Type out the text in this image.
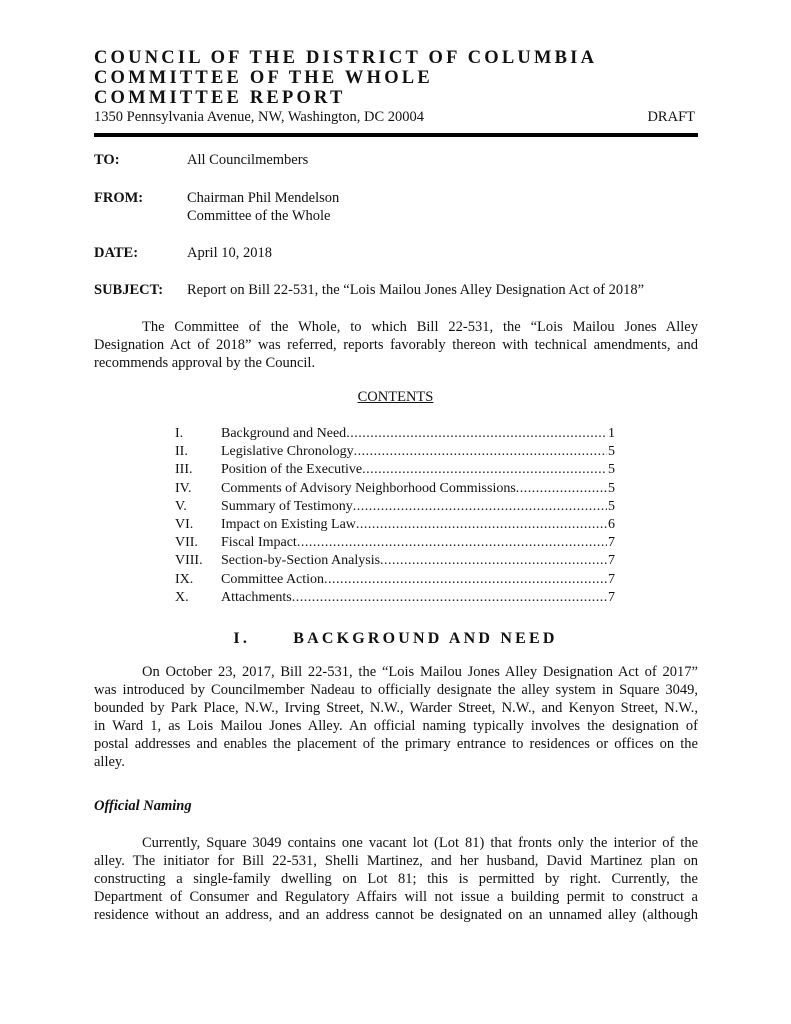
COUNCIL OF THE DISTRICT OF COLUMBIA
COMMITTEE OF THE WHOLE
COMMITTEE REPORT
1350 Pennsylvania Avenue, NW, Washington, DC 20004	DRAFT
TO:	All Councilmembers
FROM:	Chairman Phil Mendelson
Committee of the Whole
DATE:	April 10, 2018
SUBJECT: Report on Bill 22-531, the “Lois Mailou Jones Alley Designation Act of 2018”
The Committee of the Whole, to which Bill 22-531, the “Lois Mailou Jones Alley
Designation Act of 2018” was referred, reports favorably thereon with technical amendments, and
recommends approval by the Council.
CONTENTS
I.	Background and Need .....	1
II. Legislative Chronology .....	5
III. Position of the Executive .....	5
IV. Comments of Advisory Neighborhood Commissions .....	5
V. Summary of Testimony .....	5
VI. Impact on Existing Law .....	6
VII. Fiscal Impact .....	7
VIII. Section-by-Section Analysis .....	7
IX. Committee Action .....	7
X. Attachments .....	7
I.      BACKGROUND AND NEED
On October 23, 2017, Bill 22-531, the “Lois Mailou Jones Alley Designation Act of 2017”
was introduced by Councilmember Nadeau to officially designate the alley system in Square 3049,
bounded by Park Place, N.W., Irving Street, N.W., Warder Street, N.W., and Kenyon Street, N.W.,
in Ward 1, as Lois Mailou Jones Alley. An official naming typically involves the designation of
postal addresses and enables the placement of the primary entrance to residences or offices on the
alley.
Official Naming
Currently, Square 3049 contains one vacant lot (Lot 81) that fronts only the interior of the
alley. The initiator for Bill 22-531, Shelli Martinez, and her husband, David Martinez plan on
constructing a single-family dwelling on Lot 81; this is permitted by right. Currently, the
Department of Consumer and Regulatory Affairs will not issue a building permit to construct a
residence without an address, and an address cannot be designated on an unnamed alley (although
